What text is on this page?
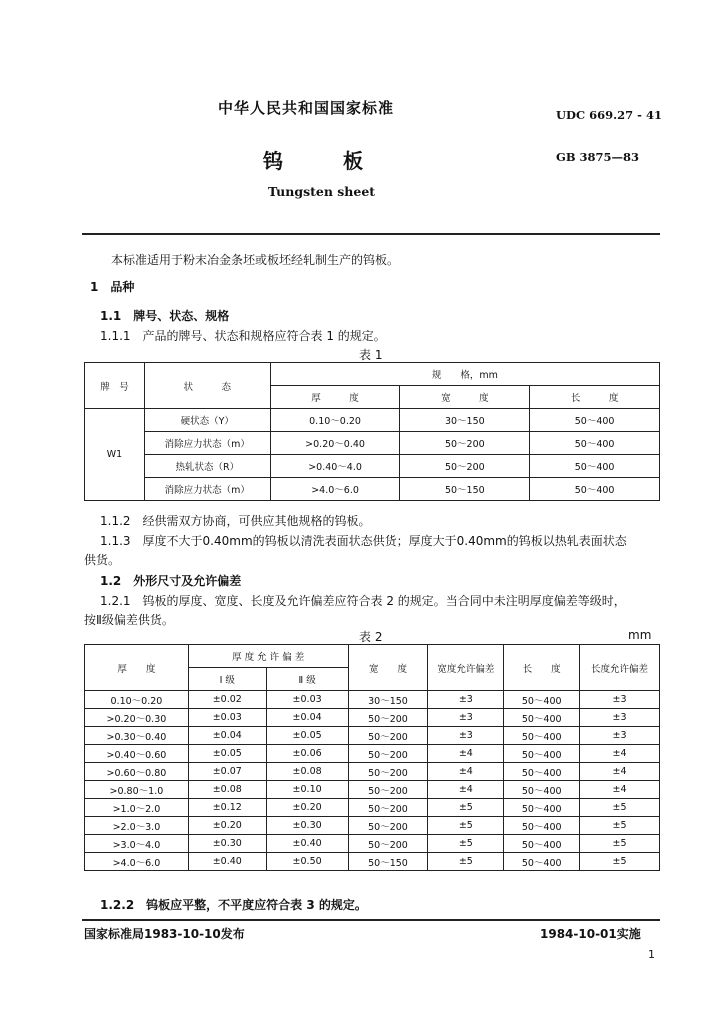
中华人民共和国国家标准	UDC 669.27 - 41
钨　　　板	GB 3875—83
Tungsten sheet
本标准适用于粉末冶金条坯或板坯经轧制生产的钨板。
1　品种
1.1　牌号、状态、规格
1.1.1　产品的牌号、状态和规格应符合表 1 的规定。
表 1
牌　号	状　　　态	规　　格，mm		
		厚　　　度	宽　　　度	长　　　度
W1	硬状态（Y）	0.10～0.20	30～150	50～400
	消除应力状态（m）	>0.20～0.40	50～200	50～400
	热轧状态（R）	>0.40～4.0	50～200	50～400
	消除应力状态（m）	>4.0～6.0	50～150	50～400
1.1.2　经供需双方协商，可供应其他规格的钨板。
1.1.3　厚度不大于0.40mm的钨板以清洗表面状态供货；厚度大于0.40mm的钨板以热轧表面状态
供货。
1.2　外形尺寸及允许偏差
1.2.1　钨板的厚度、宽度、长度及允许偏差应符合表 2 的规定。当合同中未注明厚度偏差等级时，
按Ⅱ级偏差供货。
表 2	mm
厚　　度	厚 度 允 许 偏 差		宽　　度	宽度允许偏差	长　　度	长度允许偏差
	Ⅰ 级	Ⅱ 级				
0.10～0.20	±0.02	±0.03	30～150	±3	50～400	±3
>0.20～0.30	±0.03	±0.04	50～200	±3	50～400	±3
>0.30～0.40	±0.04	±0.05	50～200	±3	50～400	±3
>0.40～0.60	±0.05	±0.06	50～200	±4	50～400	±4
>0.60～0.80	±0.07	±0.08	50～200	±4	50～400	±4
>0.80～1.0	±0.08	±0.10	50～200	±4	50～400	±4
>1.0～2.0	±0.12	±0.20	50～200	±5	50～400	±5
>2.0～3.0	±0.20	±0.30	50～200	±5	50～400	±5
>3.0～4.0	±0.30	±0.40	50～200	±5	50～400	±5
>4.0～6.0	±0.40	±0.50	50～150	±5	50～400	±5
1.2.2　钨板应平整，不平度应符合表 3 的规定。
国家标准局1983-10-10发布	1984-10-01实施
1
